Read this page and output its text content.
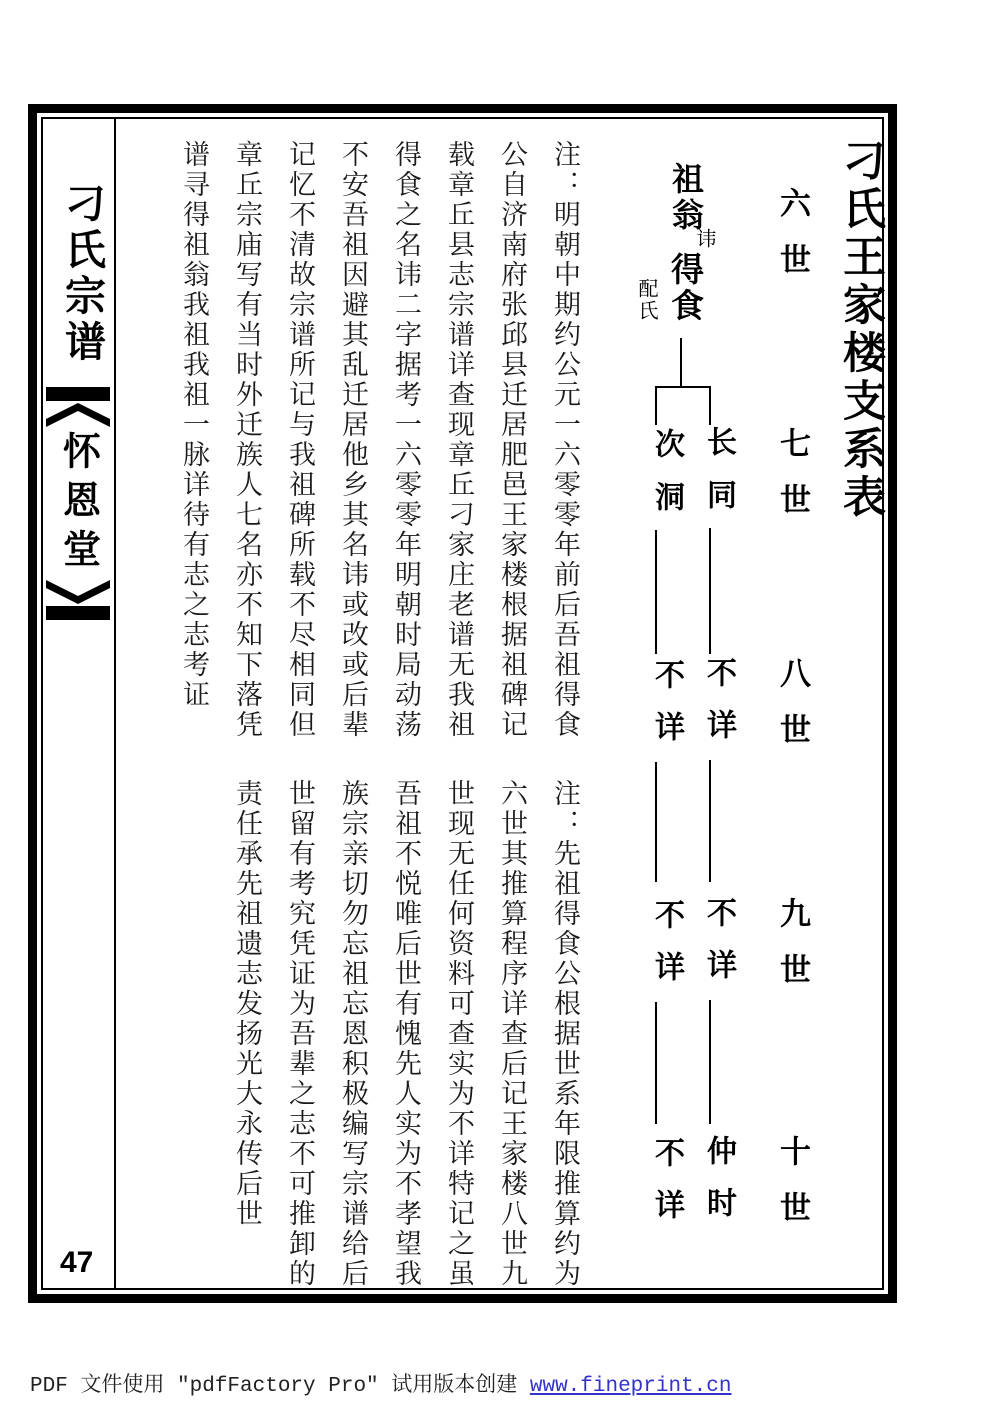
刁氏宗谱
怀恩堂
47
刁氏王家楼支系表
六世
七世
八世
九世
十世
祖翁
讳
得食
配氏
长
同
不详
不详
仲时
次
洞
不详
不详
不详

注：明朝中期约公元一六零零年前后吾祖得食

公自济南府张邱县迁居肥邑王家楼根据祖碑记

载章丘县志宗谱详查现章丘刁家庄老谱无我祖

得食之名讳二字据考一六零零年明朝时局动荡

不安吾祖因避其乱迁居他乡其名讳或改或后辈

记忆不清故宗谱所记与我祖碑所载不尽相同但

章丘宗庙写有当时外迁族人七名亦不知下落凭

谱寻得祖翁我祖我祖一脉详待有志之志考证

注：先祖得食公根据世系年限推算约为

六世其推算程序详查后记王家楼八世九

世现无任何资料可查实为不详特记之虽

吾祖不悦唯后世有愧先人实为不孝望我

族宗亲切勿忘祖忘恩积极编写宗谱给后

世留有考究凭证为吾辈之志不可推卸的

责任承先祖遗志发扬光大永传后世

PDF 文件使用 ″pdfFactory Pro″ 试用版本创建 www.fineprint.cn
